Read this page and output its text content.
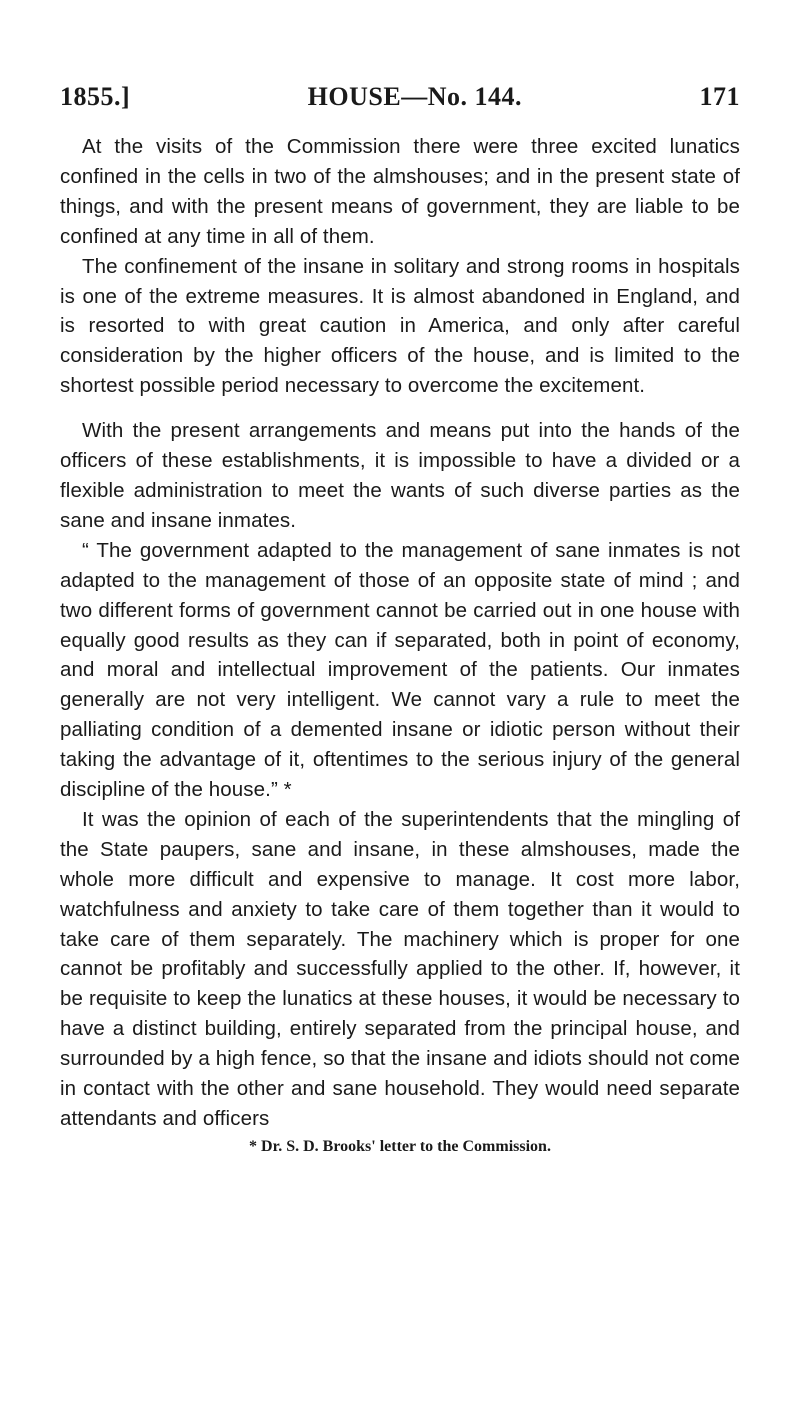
1855.]	HOUSE—No. 144.	171

At the visits of the Commission there were three excited lunatics confined in the cells in two of the almshouses; and in the present state of things, and with the present means of government, they are liable to be confined at any time in all of them.

The confinement of the insane in solitary and strong rooms in hospitals is one of the extreme measures. It is almost abandoned in England, and is resorted to with great caution in America, and only after careful consideration by the higher officers of the house, and is limited to the shortest possible period necessary to overcome the excitement.

With the present arrangements and means put into the hands of the officers of these establishments, it is impossible to have a divided or a flexible administration to meet the wants of such diverse parties as the sane and insane inmates.

“ The government adapted to the management of sane inmates is not adapted to the management of those of an opposite state of mind ; and two different forms of government cannot be carried out in one house with equally good results as they can if separated, both in point of economy, and moral and intellectual improvement of the patients. Our inmates generally are not very intelligent. We cannot vary a rule to meet the palliating condition of a demented insane or idiotic person without their taking the advantage of it, oftentimes to the serious injury of the general discipline of the house.” *

It was the opinion of each of the superintendents that the mingling of the State paupers, sane and insane, in these almshouses, made the whole more difficult and expensive to manage. It cost more labor, watchfulness and anxiety to take care of them together than it would to take care of them separately. The machinery which is proper for one cannot be profitably and successfully applied to the other. If, however, it be requisite to keep the lunatics at these houses, it would be necessary to have a distinct building, entirely separated from the principal house, and surrounded by a high fence, so that the insane and idiots should not come in contact with the other and sane household. They would need separate attendants and officers

* Dr. S. D. Brooks' letter to the Commission.
